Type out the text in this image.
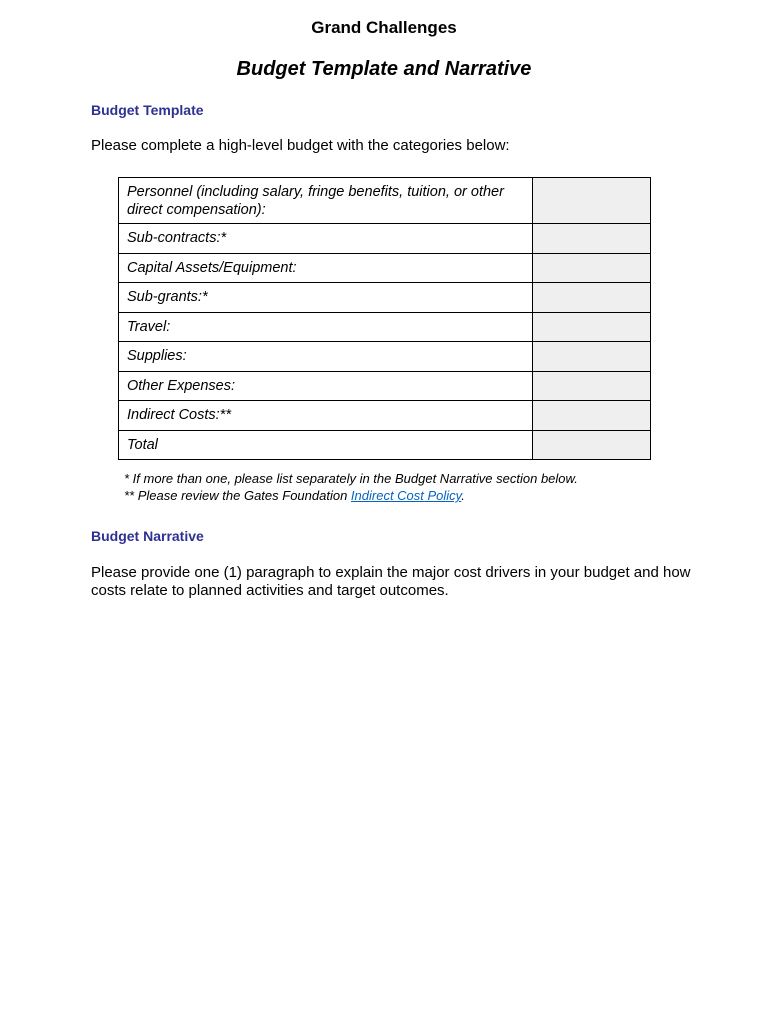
Grand Challenges
Budget Template and Narrative
Budget Template

Please complete a high-level budget with the categories below:

Personnel (including salary, fringe benefits, tuition, or other direct compensation):	
Sub-contracts:*	
Capital Assets/Equipment:	
Sub-grants:*	
Travel:	
Supplies:	
Other Expenses:	
Indirect Costs:**	
Total	
* If more than one, please list separately in the Budget Narrative section below.
** Please review the Gates Foundation Indirect Cost Policy.
Budget Narrative

Please provide one (1) paragraph to explain the major cost drivers in your budget and how costs relate to planned activities and target outcomes.
